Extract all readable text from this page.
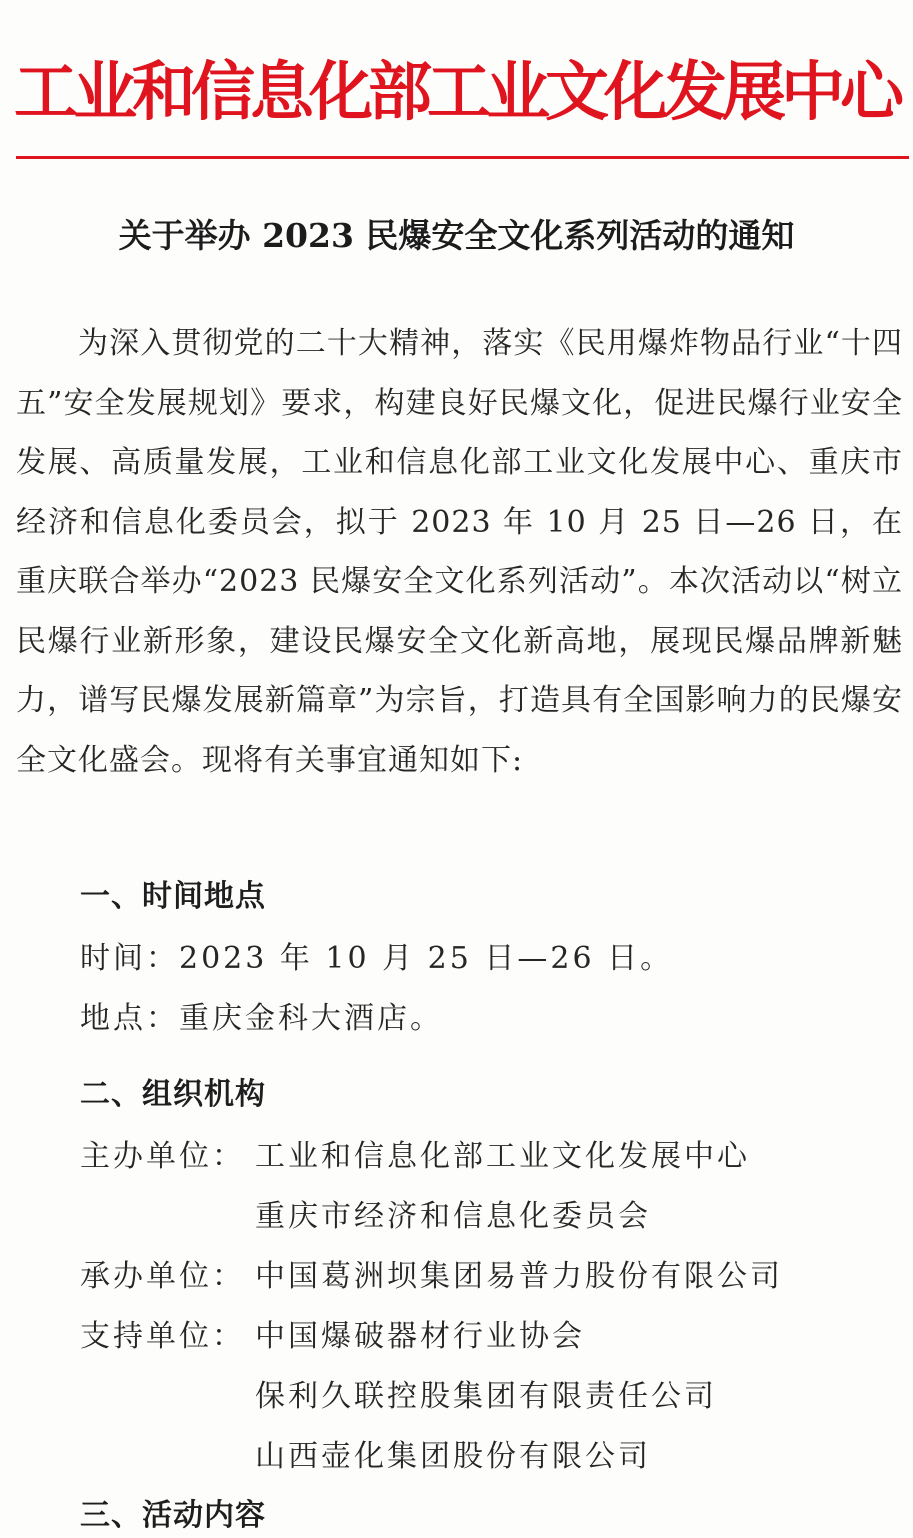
工业和信息化部工业文化发展中心
关于举办 2023 民爆安全文化系列活动的通知
为深入贯彻党的二十大精神，落实《民用爆炸物品行业“十四五”安全发展规划》要求，构建良好民爆文化，促进民爆行业安全发展、高质量发展，工业和信息化部工业文化发展中心、重庆市经济和信息化委员会，拟于 2023 年 10 月 25 日—26 日，在重庆联合举办“2023 民爆安全文化系列活动”。本次活动以“树立民爆行业新形象，建设民爆安全文化新高地，展现民爆品牌新魅力，谱写民爆发展新篇章”为宗旨，打造具有全国影响力的民爆安全文化盛会。现将有关事宜通知如下:
一、时间地点
时间：2023 年 10 月 25 日—26 日。
地点：重庆金科大酒店。
二、组织机构
主办单位： 工业和信息化部工业文化发展中心
重庆市经济和信息化委员会
承办单位： 中国葛洲坝集团易普力股份有限公司
支持单位： 中国爆破器材行业协会
保利久联控股集团有限责任公司
山西壶化集团股份有限公司
三、活动内容
